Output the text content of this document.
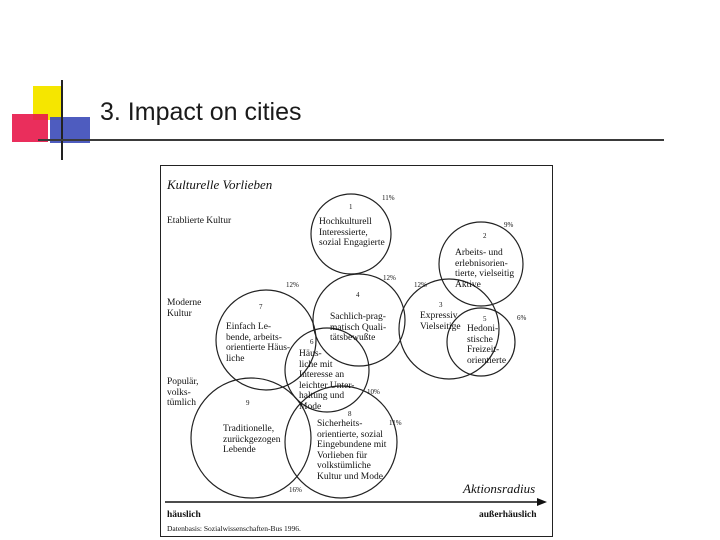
3. Impact on cities
Kulturelle Vorlieben
Etablierte Kultur
Moderne
Kultur
Populär,
volks-
tümlich
1
Hochkulturell
Interessierte,
sozial Engagierte
11%
2
Arbeits- und
erlebnisorien-
tierte, vielseitig
Aktive
9%
3
Expressiv
Vielseitige
12%
4
Sachlich-prag-
matisch Quali-
tätsbewußte
12%
5
Hedoni-
stische
Freizeit-
orientierte
6%
6
Häus-
liche mit
Interesse an
leichter Unter-
haltung und
Mode
10%
7
Einfach Le-
bende, arbeits-
orientierte Häus-
liche
12%
8
Sicherheits-
orientierte, sozial
Eingebundene mit
Vorlieben für
volkstümliche
Kultur und Mode
11%
9
Traditionelle,
zurückgezogen
Lebende
16%	Aktionsradius
häuslich	außerhäuslich
Datenbasis: Sozialwissenschaften-Bus 1996.
